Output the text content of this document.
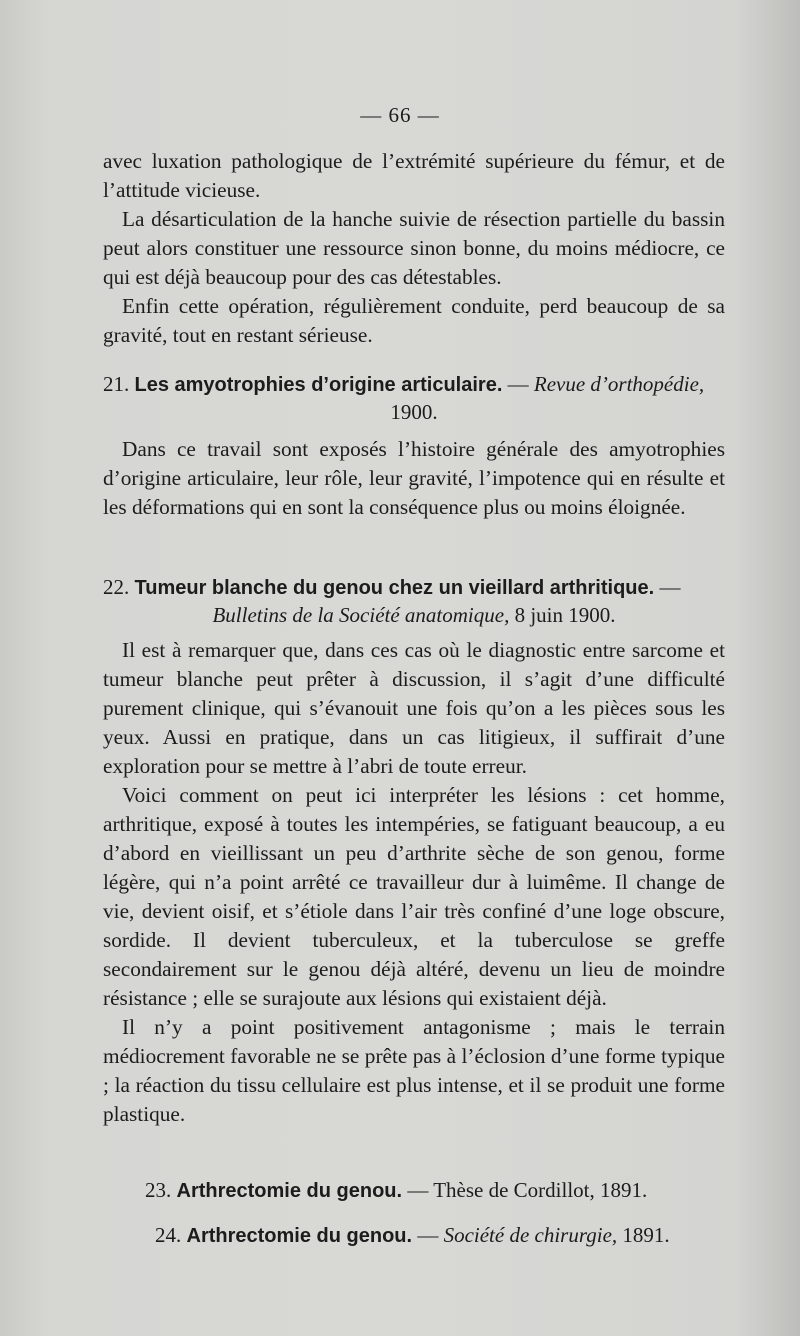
— 66 —

avec luxation pathologique de l’extrémité supérieure du fémur, et de l’attitude vicieuse.

La désarticulation de la hanche suivie de résection partielle du bassin peut alors constituer une ressource sinon bonne, du moins médiocre, ce qui est déjà beaucoup pour des cas détestables.

Enfin cette opération, régulièrement conduite, perd beaucoup de sa gravité, tout en restant sérieuse.

21. Les amyotrophies d’origine articulaire. — Revue d’orthopédie,
1900.

Dans ce travail sont exposés l’histoire générale des amyotrophies d’origine articulaire, leur rôle, leur gravité, l’impotence qui en résulte et les déformations qui en sont la conséquence plus ou moins éloignée.

22. Tumeur blanche du genou chez un vieillard arthritique. —
Bulletins de la Société anatomique, 8 juin 1900.

Il est à remarquer que, dans ces cas où le diagnostic entre sarcome et tumeur blanche peut prêter à discussion, il s’agit d’une difficulté purement clinique, qui s’évanouit une fois qu’on a les pièces sous les yeux. Aussi en pratique, dans un cas litigieux, il suffirait d’une exploration pour se mettre à l’abri de toute erreur.

Voici comment on peut ici interpréter les lésions : cet homme, arthritique, exposé à toutes les intempéries, se fatiguant beaucoup, a eu d’abord en vieillissant un peu d’arthrite sèche de son genou, forme légère, qui n’a point arrêté ce travailleur dur à luimême. Il change de vie, devient oisif, et s’étiole dans l’air très confiné d’une loge obscure, sordide. Il devient tuberculeux, et la tuberculose se greffe secondairement sur le genou déjà altéré, devenu un lieu de moindre résistance ; elle se surajoute aux lésions qui existaient déjà.

Il n’y a point positivement antagonisme ; mais le terrain médiocrement favorable ne se prête pas à l’éclosion d’une forme typique ; la réaction du tissu cellulaire est plus intense, et il se produit une forme plastique.

23. Arthrectomie du genou. — Thèse de Cordillot, 1891.
24. Arthrectomie du genou. — Société de chirurgie, 1891.
